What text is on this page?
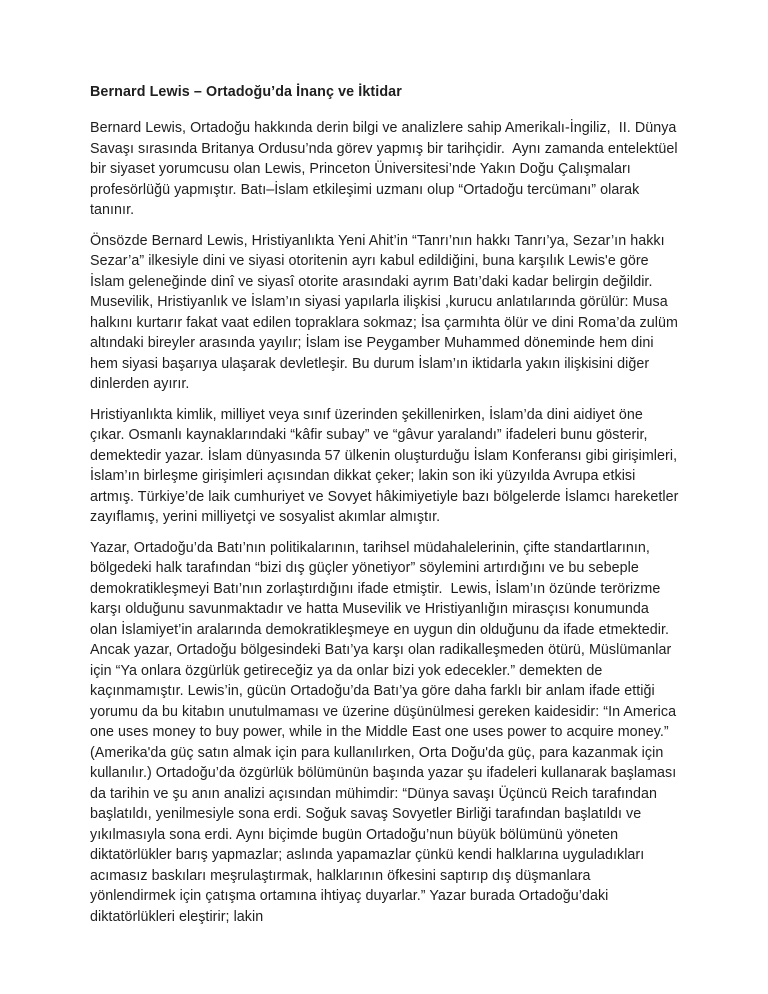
Bernard Lewis – Ortadoğu’da İnanç ve İktidar

Bernard Lewis, Ortadoğu hakkında derin bilgi ve analizlere sahip Amerikalı-İngiliz,  II. Dünya Savaşı sırasında Britanya Ordusu’nda görev yapmış bir tarihçidir.  Aynı zamanda entelektüel bir siyaset yorumcusu olan Lewis, Princeton Üniversitesi’nde Yakın Doğu Çalışmaları profesörlüğü yapmıştır. Batı–İslam etkileşimi uzmanı olup “Ortadoğu tercümanı” olarak tanınır.

Önsözde Bernard Lewis, Hristiyanlıkta Yeni Ahit’in “Tanrı’nın hakkı Tanrı’ya, Sezar’ın hakkı Sezar’a” ilkesiyle dini ve siyasi otoritenin ayrı kabul edildiğini, buna karşılık Lewis'e göre İslam geleneğinde dinî ve siyasî otorite arasındaki ayrım Batı’daki kadar belirgin değildir. Musevilik, Hristiyanlık ve İslam’ın siyasi yapılarla ilişkisi ,kurucu anlatılarında görülür: Musa halkını kurtarır fakat vaat edilen topraklara sokmaz; İsa çarmıhta ölür ve dini Roma’da zulüm altındaki bireyler arasında yayılır; İslam ise Peygamber Muhammed döneminde hem dini hem siyasi başarıya ulaşarak devletleşir. Bu durum İslam’ın iktidarla yakın ilişkisini diğer dinlerden ayırır.

Hristiyanlıkta kimlik, milliyet veya sınıf üzerinden şekillenirken, İslam’da dini aidiyet öne çıkar. Osmanlı kaynaklarındaki “kâfir subay” ve “gâvur yaralandı” ifadeleri bunu gösterir, demektedir yazar. İslam dünyasında 57 ülkenin oluşturduğu İslam Konferansı gibi girişimleri, İslam’ın birleşme girişimleri açısından dikkat çeker; lakin son iki yüzyılda Avrupa etkisi artmış. Türkiye’de laik cumhuriyet ve Sovyet hâkimiyetiyle bazı bölgelerde İslamcı hareketler zayıflamış, yerini milliyetçi ve sosyalist akımlar almıştır.

Yazar, Ortadoğu’da Batı’nın politikalarının, tarihsel müdahalelerinin, çifte standartlarının, bölgedeki halk tarafından “bizi dış güçler yönetiyor” söylemini artırdığını ve bu sebeple demokratikleşmeyi Batı’nın zorlaştırdığını ifade etmiştir.  Lewis, İslam’ın özünde terörizme karşı olduğunu savunmaktadır ve hatta Musevilik ve Hristiyanlığın mirasçısı konumunda olan İslamiyet’in aralarında demokratikleşmeye en uygun din olduğunu da ifade etmektedir. Ancak yazar, Ortadoğu bölgesindeki Batı’ya karşı olan radikalleşmeden ötürü, Müslümanlar için “Ya onlara özgürlük getireceğiz ya da onlar bizi yok edecekler.” demekten de kaçınmamıştır. Lewis’in, gücün Ortadoğu’da Batı’ya göre daha farklı bir anlam ifade ettiği yorumu da bu kitabın unutulmaması ve üzerine düşünülmesi gereken kaidesidir: “In America one uses money to buy power, while in the Middle East one uses power to acquire money.” (Amerika'da güç satın almak için para kullanılırken, Orta Doğu'da güç, para kazanmak için kullanılır.) Ortadoğu’da özgürlük bölümünün başında yazar şu ifadeleri kullanarak başlaması da tarihin ve şu anın analizi açısından mühimdir: “Dünya savaşı Üçüncü Reich tarafından başlatıldı, yenilmesiyle sona erdi. Soğuk savaş Sovyetler Birliği tarafından başlatıldı ve yıkılmasıyla sona erdi. Aynı biçimde bugün Ortadoğu’nun büyük bölümünü yöneten diktatörlükler barış yapmazlar; aslında yapamazlar çünkü kendi halklarına uyguladıkları acımasız baskıları meşrulaştırmak, halklarının öfkesini saptırıp dış düşmanlara yönlendirmek için çatışma ortamına ihtiyaç duyarlar.” Yazar burada Ortadoğu’daki diktatörlükleri eleştirir; lakin
